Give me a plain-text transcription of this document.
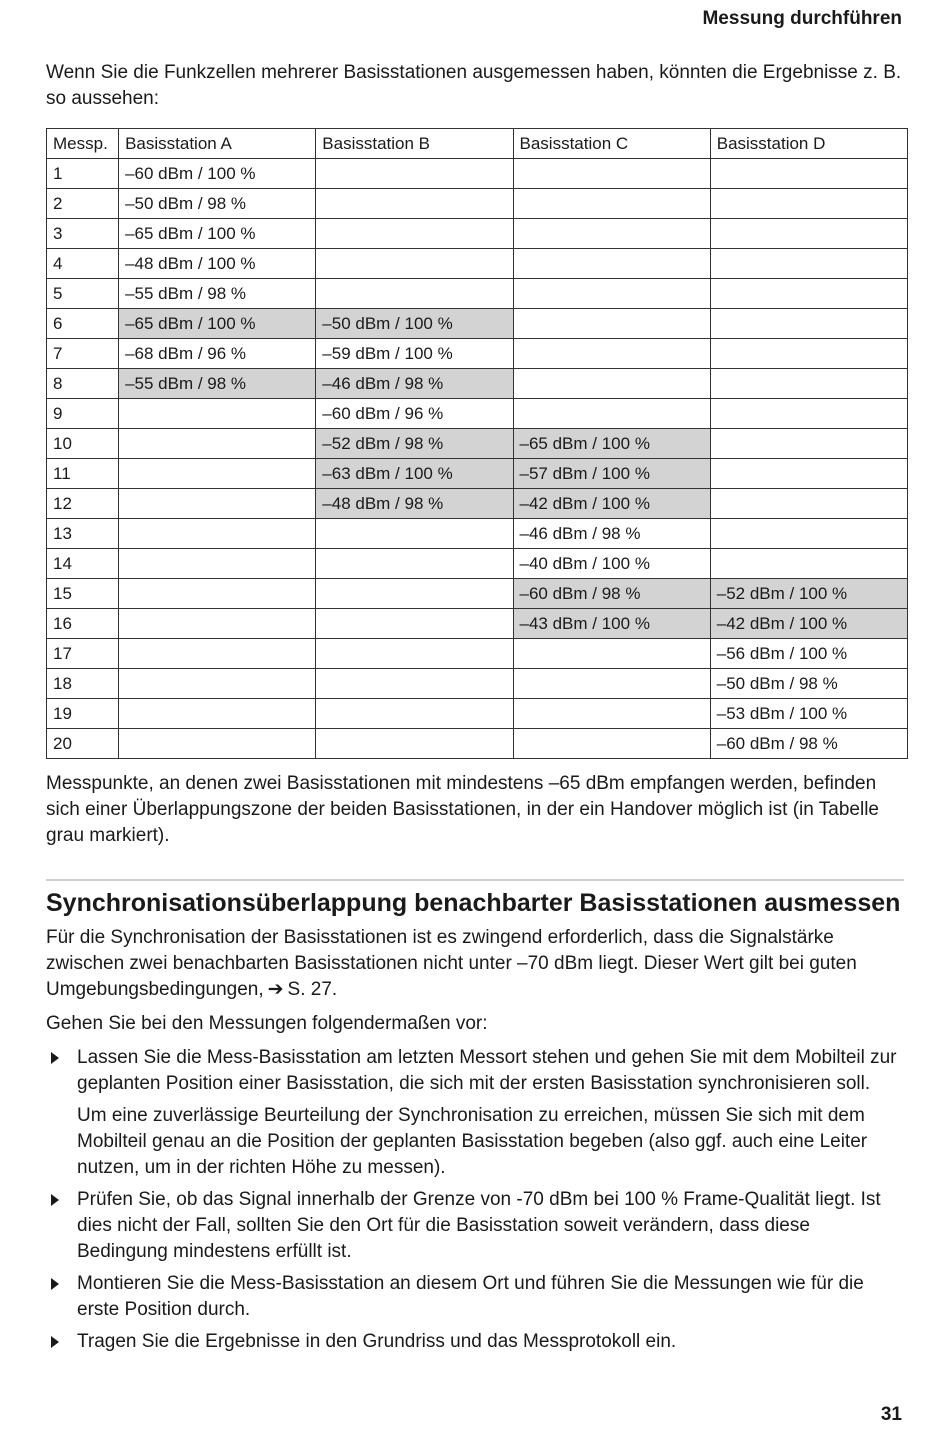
Messung durchführen

Wenn Sie die Funkzellen mehrerer Basisstationen ausgemessen haben, könnten die Ergebnisse z. B. so aussehen:

Messp.	Basisstation A	Basisstation B	Basisstation C	Basisstation D
1	–60 dBm / 100 %			
2	–50 dBm / 98 %			
3	–65 dBm / 100 %			
4	–48 dBm / 100 %			
5	–55 dBm / 98 %			
6	–65 dBm / 100 %	–50 dBm / 100 %		
7	–68 dBm / 96 %	–59 dBm / 100 %		
8	–55 dBm / 98 %	–46 dBm / 98 %		
9		–60 dBm / 96 %		
10		–52 dBm / 98 %	–65 dBm / 100 %	
11		–63 dBm / 100 %	–57 dBm / 100 %	
12		–48 dBm / 98 %	–42 dBm / 100 %	
13			–46 dBm / 98 %	
14			–40 dBm / 100 %	
15			–60 dBm / 98 %	–52 dBm / 100 %
16			–43 dBm / 100 %	–42 dBm / 100 %
17				–56 dBm / 100 %
18				–50 dBm / 98 %
19				–53 dBm / 100 %
20				–60 dBm / 98 %

Messpunkte, an denen zwei Basisstationen mit mindestens –65 dBm empfangen werden, befinden sich einer Überlappungszone der beiden Basisstationen, in der ein Handover möglich ist (in Tabelle grau markiert).

Synchronisationsüberlappung benachbarter Basisstationen ausmessen

Für die Synchronisation der Basisstationen ist es zwingend erforderlich, dass die Signalstärke zwischen zwei benachbarten Basisstationen nicht unter –70 dBm liegt. Dieser Wert gilt bei guten Umgebungsbedingungen, ➔ S. 27.

Gehen Sie bei den Messungen folgendermaßen vor:

Lassen Sie die Mess-Basisstation am letzten Messort stehen und gehen Sie mit dem Mobilteil zur geplanten Position einer Basisstation, die sich mit der ersten Basisstation synchronisieren soll.

Um eine zuverlässige Beurteilung der Synchronisation zu erreichen, müssen Sie sich mit dem Mobilteil genau an die Position der geplanten Basisstation begeben (also ggf. auch eine Leiter nutzen, um in der richten Höhe zu messen).

Prüfen Sie, ob das Signal innerhalb der Grenze von -70 dBm bei 100 % Frame-Qualität liegt. Ist dies nicht der Fall, sollten Sie den Ort für die Basisstation soweit verändern, dass diese Bedingung mindestens erfüllt ist.

Montieren Sie die Mess-Basisstation an diesem Ort und führen Sie die Messungen wie für die erste Position durch.

Tragen Sie die Ergebnisse in den Grundriss und das Messprotokoll ein.

31
